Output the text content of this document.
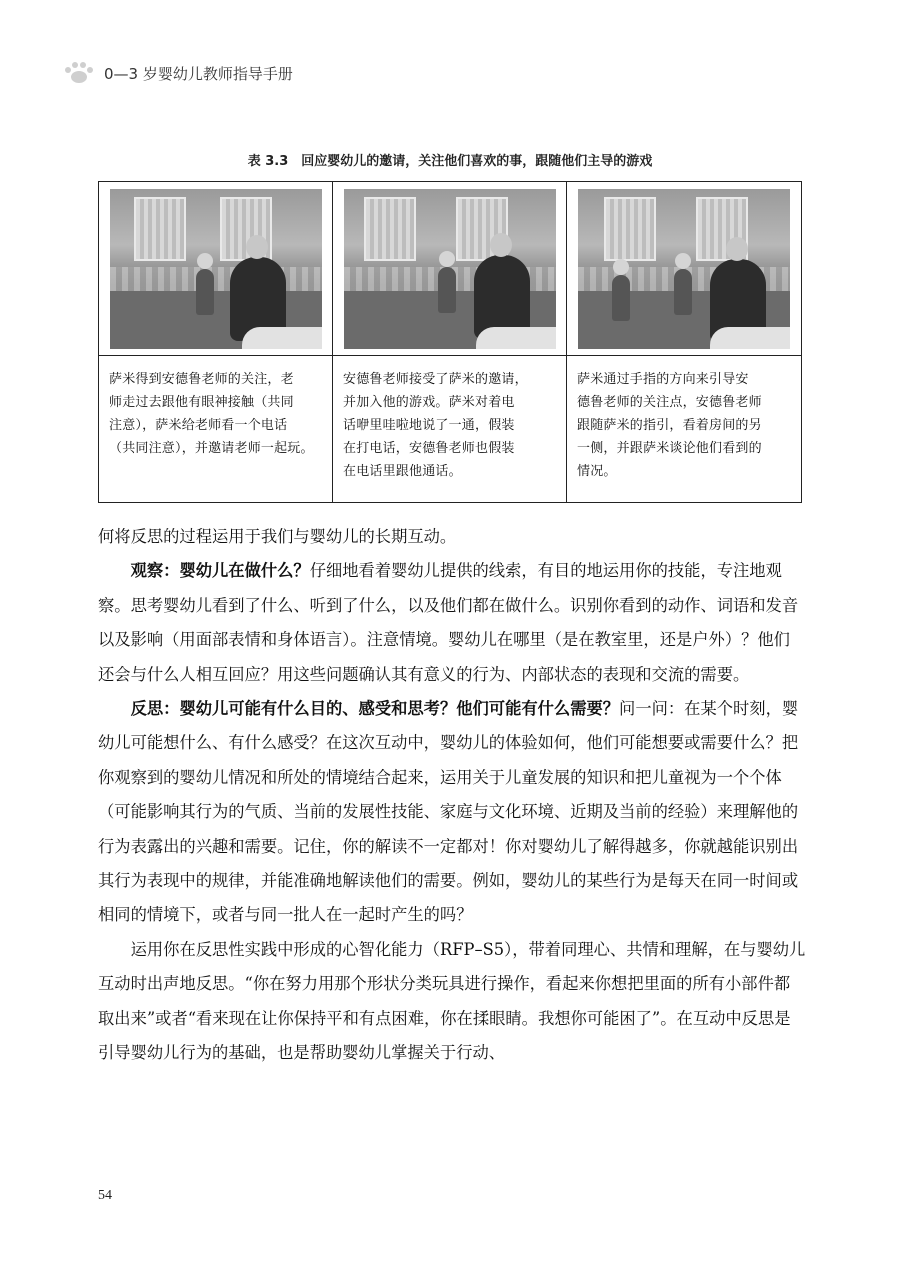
0—3 岁婴幼儿教师指导手册
表 3.3　回应婴幼儿的邀请，关注他们喜欢的事，跟随他们主导的游戏
萨米得到安德鲁老师的关注，老
师走过去跟他有眼神接触（共同
注意），萨米给老师看一个电话
（共同注意），并邀请老师一起玩。
安德鲁老师接受了萨米的邀请，
并加入他的游戏。萨米对着电
话咿里哇啦地说了一通，假装
在打电话，安德鲁老师也假装
在电话里跟他通话。
萨米通过手指的方向来引导安
德鲁老师的关注点，安德鲁老师
跟随萨米的指引，看着房间的另
一侧，并跟萨米谈论他们看到的
情况。

何将反思的过程运用于我们与婴幼儿的长期互动。

观察：婴幼儿在做什么？仔细地看着婴幼儿提供的线索，有目的地运用你的技能，专注地观察。思考婴幼儿看到了什么、听到了什么，以及他们都在做什么。识别你看到的动作、词语和发音以及影响（用面部表情和身体语言）。注意情境。婴幼儿在哪里（是在教室里，还是户外）？他们还会与什么人相互回应？用这些问题确认其有意义的行为、内部状态的表现和交流的需要。

反思：婴幼儿可能有什么目的、感受和思考？他们可能有什么需要？问一问：在某个时刻，婴幼儿可能想什么、有什么感受？在这次互动中，婴幼儿的体验如何，他们可能想要或需要什么？把你观察到的婴幼儿情况和所处的情境结合起来，运用关于儿童发展的知识和把儿童视为一个个体（可能影响其行为的气质、当前的发展性技能、家庭与文化环境、近期及当前的经验）来理解他的行为表露出的兴趣和需要。记住，你的解读不一定都对！你对婴幼儿了解得越多，你就越能识别出其行为表现中的规律，并能准确地解读他们的需要。例如，婴幼儿的某些行为是每天在同一时间或相同的情境下，或者与同一批人在一起时产生的吗？

运用你在反思性实践中形成的心智化能力（RFP–S5），带着同理心、共情和理解，在与婴幼儿互动时出声地反思。“你在努力用那个形状分类玩具进行操作，看起来你想把里面的所有小部件都取出来”或者“看来现在让你保持平和有点困难，你在揉眼睛。我想你可能困了”。在互动中反思是引导婴幼儿行为的基础，也是帮助婴幼儿掌握关于行动、

54
